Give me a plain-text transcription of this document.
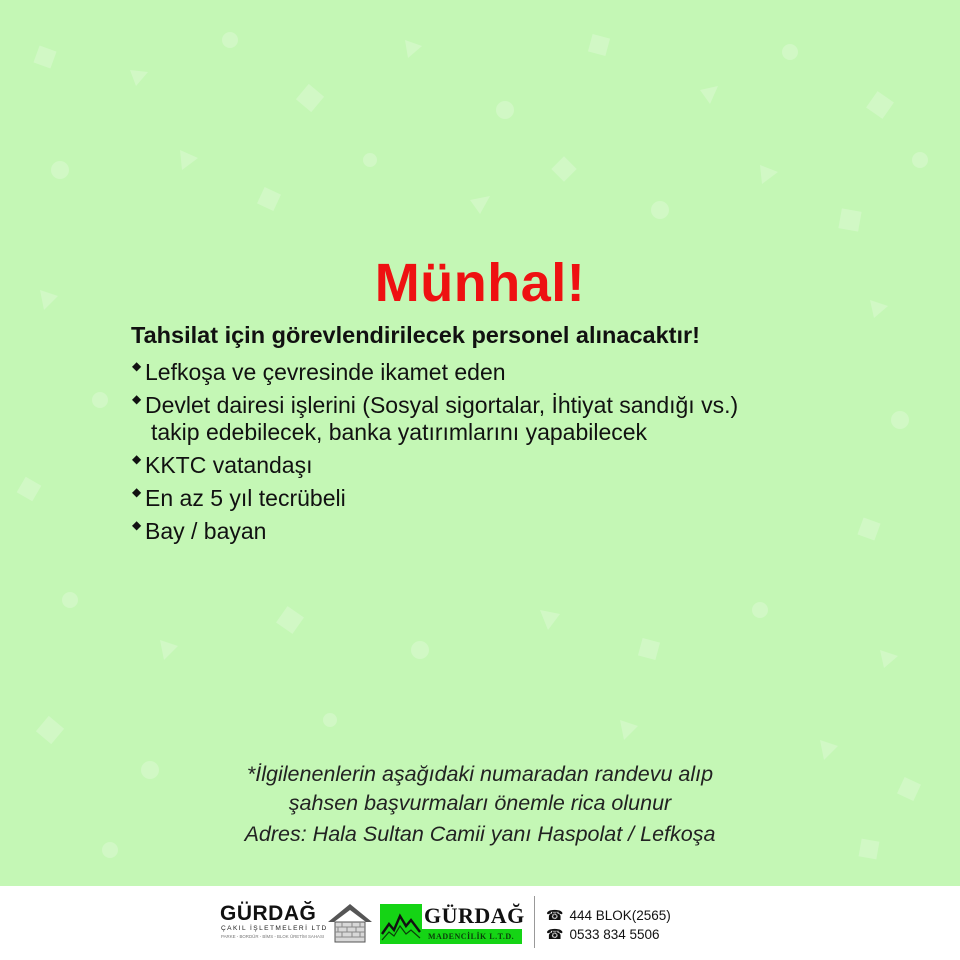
Münhal!
Tahsilat için görevlendirilecek personel alınacaktır!
◆ Lefkoşa ve çevresinde ikamet eden
◆ Devlet dairesi işlerini (Sosyal sigortalar, İhtiyat sandığı vs.)
takip edebilecek, banka yatırımlarını yapabilecek
◆ KKTC vatandaşı
◆ En az 5 yıl tecrübeli
◆ Bay / bayan
*İlgilenenlerin aşağıdaki numaradan randevu alıp
şahsen başvurmaları önemle rica olunur
Adres: Hala Sultan Camii yanı Haspolat / Lefkoşa
GÜRDAĞ
ÇAKIL İŞLETMELERİ LTD
PARKE - BORDÜR - BİMS - BLOK ÜRETİM SAHASI
GÜRDAĞ
MADENCİLİK L.T.D.
☎ 444 BLOK(2565)
☎ 0533 834 5506
